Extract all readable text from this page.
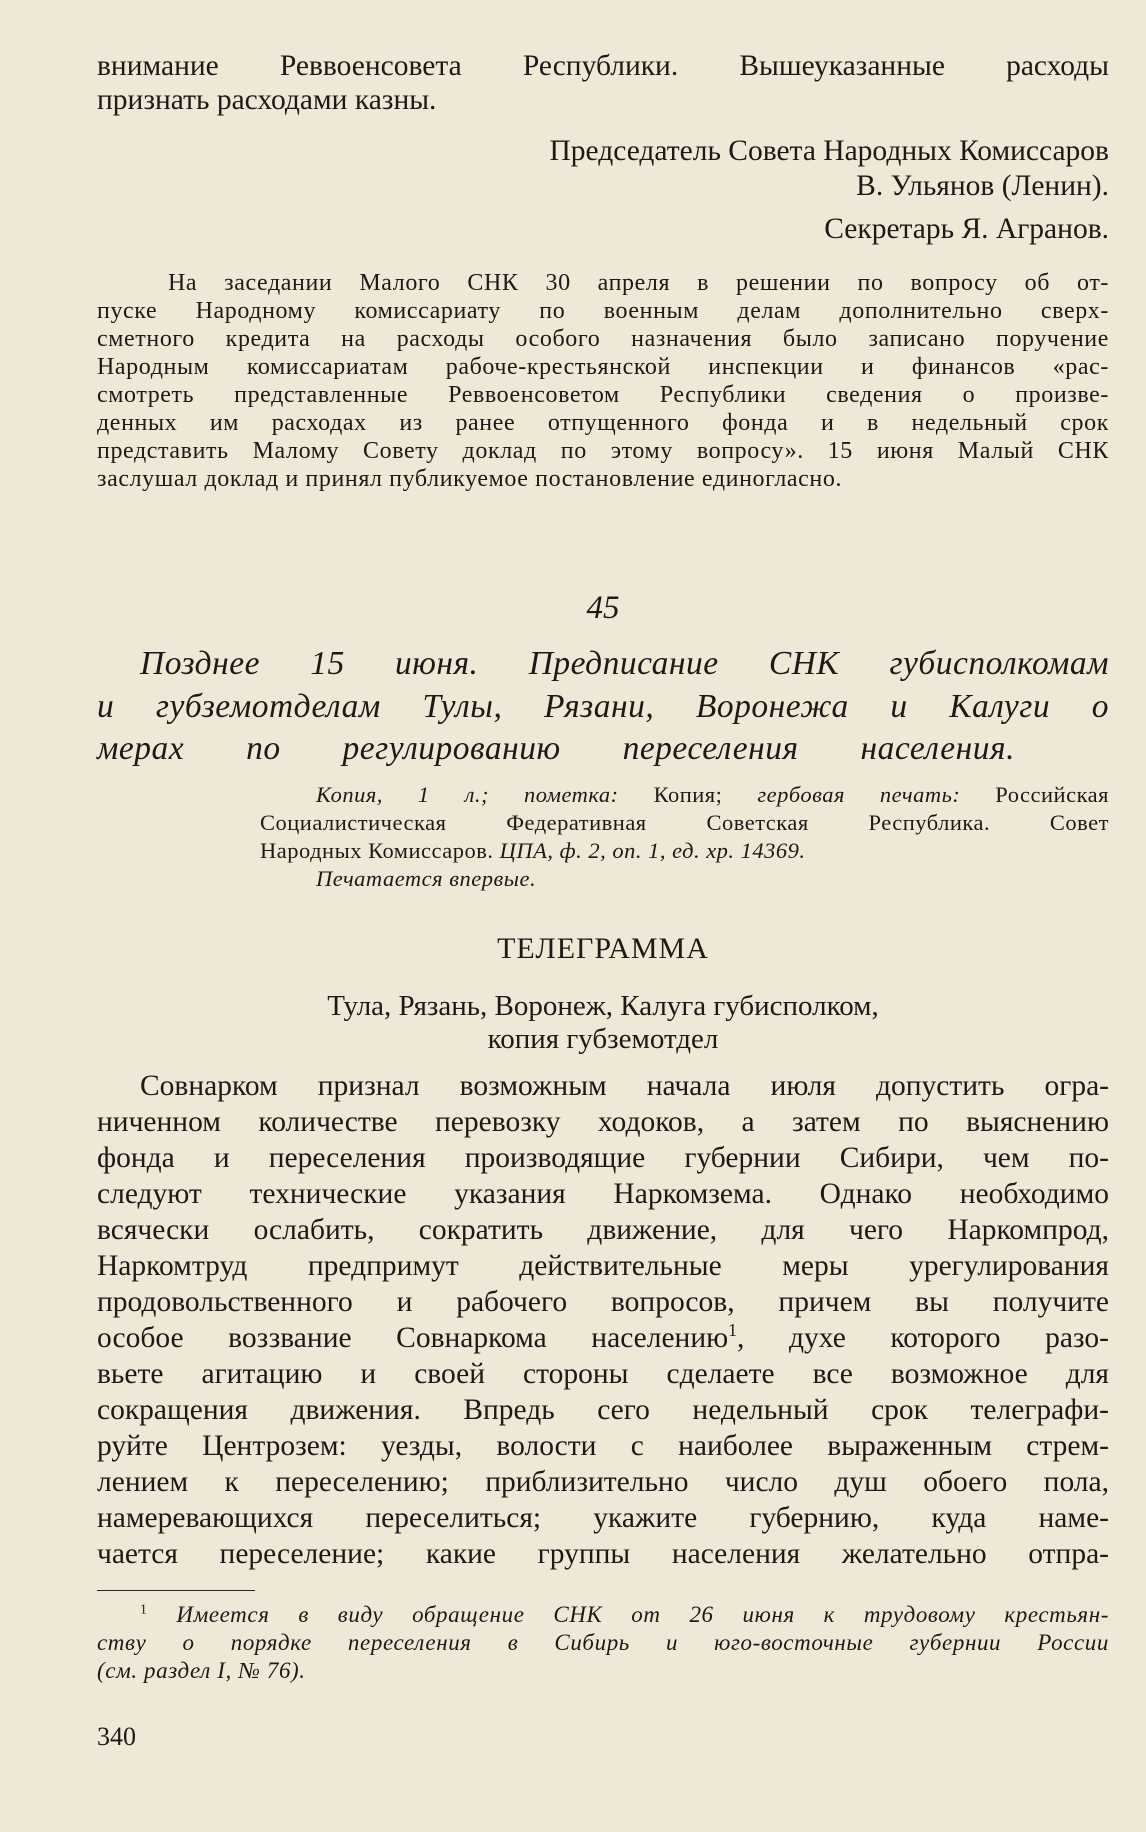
внимание Реввоенсовета Республики. Вышеуказанные расходы
признать расходами казны.
Председатель Совета Народных Комиссаров
В. Ульянов (Ленин).
Секретарь Я. Агранов.
На заседании Малого СНК 30 апреля в решении по вопросу об от-
пуске Народному комиссариату по военным делам дополнительно сверх-
сметного кредита на расходы особого назначения было записано поручение
Народным комиссариатам рабоче-крестьянской инспекции и финансов «рас-
смотреть представленные Реввоенсоветом Республики сведения о произве-
денных им расходах из ранее отпущенного фонда и в недельный срок
представить Малому Совету доклад по этому вопросу». 15 июня Малый СНК
заслушал доклад и принял публикуемое постановление единогласно.
45
Позднее 15 июня. Предписание СНК губисполкомам
и губземотделам Тулы, Рязани, Воронежа и Калуги о
мерах по регулированию переселения населения.
Копия, 1 л.; пометка: Копия; гербовая печать: Российская
Социалистическая Федеративная Советская Республика. Совет
Народных Комиссаров. ЦПА, ф. 2, оп. 1, ед. хр. 14369.
Печатается впервые.
ТЕЛЕГРАММА
Тула, Рязань, Воронеж, Калуга губисполком,
копия губземотдел
Совнарком признал возможным начала июля допустить огра-
ниченном количестве перевозку ходоков, а затем по выяснению
фонда и переселения производящие губернии Сибири, чем по-
следуют технические указания Наркомзема. Однако необходимо
всячески ослабить, сократить движение, для чего Наркомпрод,
Наркомтруд предпримут действительные меры урегулирования
продовольственного и рабочего вопросов, причем вы получите
особое воззвание Совнаркома населению$^1$, духе которого разо-
вьете агитацию и своей стороны сделаете все возможное для
сокращения движения. Впредь сего недельный срок телеграфи-
руйте Центрозем: уезды, волости с наиболее выраженным стрем-
лением к переселению; приблизительно число душ обоего пола,
намеревающихся переселиться; укажите губернию, куда наме-
чается переселение; какие группы населения желательно отпра-
$^1$ Имеется в виду обращение СНК от 26 июня к трудовому крестьян-
ству о порядке переселения в Сибирь и юго-восточные губернии России
(см. раздел I, № 76).
340
